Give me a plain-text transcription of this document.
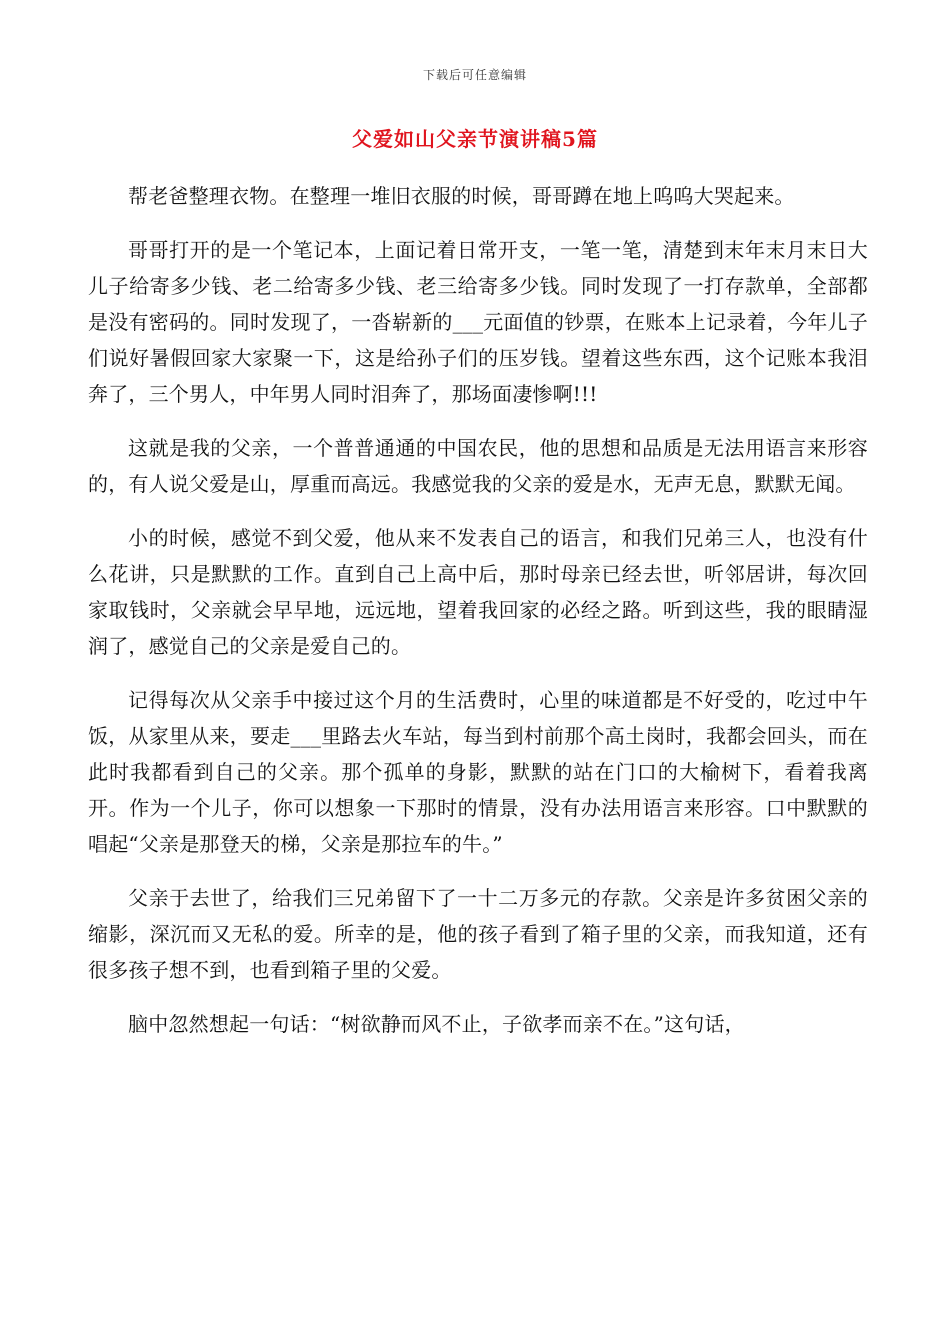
下载后可任意编辑
父爱如山父亲节演讲稿5篇

帮老爸整理衣物。在整理一堆旧衣服的时候，哥哥蹲在地上呜呜大哭起来。

哥哥打开的是一个笔记本，上面记着日常开支，一笔一笔，清楚到末年末月末日大儿子给寄多少钱、老二给寄多少钱、老三给寄多少钱。同时发现了一打存款单，全部都是没有密码的。同时发现了，一沓崭新的___元面值的钞票，在账本上记录着，今年儿子们说好暑假回家大家聚一下，这是给孙子们的压岁钱。望着这些东西，这个记账本我泪奔了，三个男人，中年男人同时泪奔了，那场面凄惨啊!!!

这就是我的父亲，一个普普通通的中国农民，他的思想和品质是无法用语言来形容的，有人说父爱是山，厚重而高远。我感觉我的父亲的爱是水，无声无息，默默无闻。

小的时候，感觉不到父爱，他从来不发表自己的语言，和我们兄弟三人，也没有什么花讲，只是默默的工作。直到自己上高中后，那时母亲已经去世，听邻居讲，每次回家取钱时，父亲就会早早地，远远地，望着我回家的必经之路。听到这些，我的眼睛湿润了，感觉自己的父亲是爱自己的。

记得每次从父亲手中接过这个月的生活费时，心里的味道都是不好受的，吃过中午饭，从家里从来，要走___里路去火车站，每当到村前那个高土岗时，我都会回头，而在此时我都看到自己的父亲。那个孤单的身影，默默的站在门口的大榆树下，看着我离开。作为一个儿子，你可以想象一下那时的情景，没有办法用语言来形容。口中默默的唱起“父亲是那登天的梯，父亲是那拉车的牛。”

父亲于去世了，给我们三兄弟留下了一十二万多元的存款。父亲是许多贫困父亲的缩影，深沉而又无私的爱。所幸的是，他的孩子看到了箱子里的父亲，而我知道，还有很多孩子想不到，也看到箱子里的父爱。

脑中忽然想起一句话：“树欲静而风不止，子欲孝而亲不在。”这句话，
